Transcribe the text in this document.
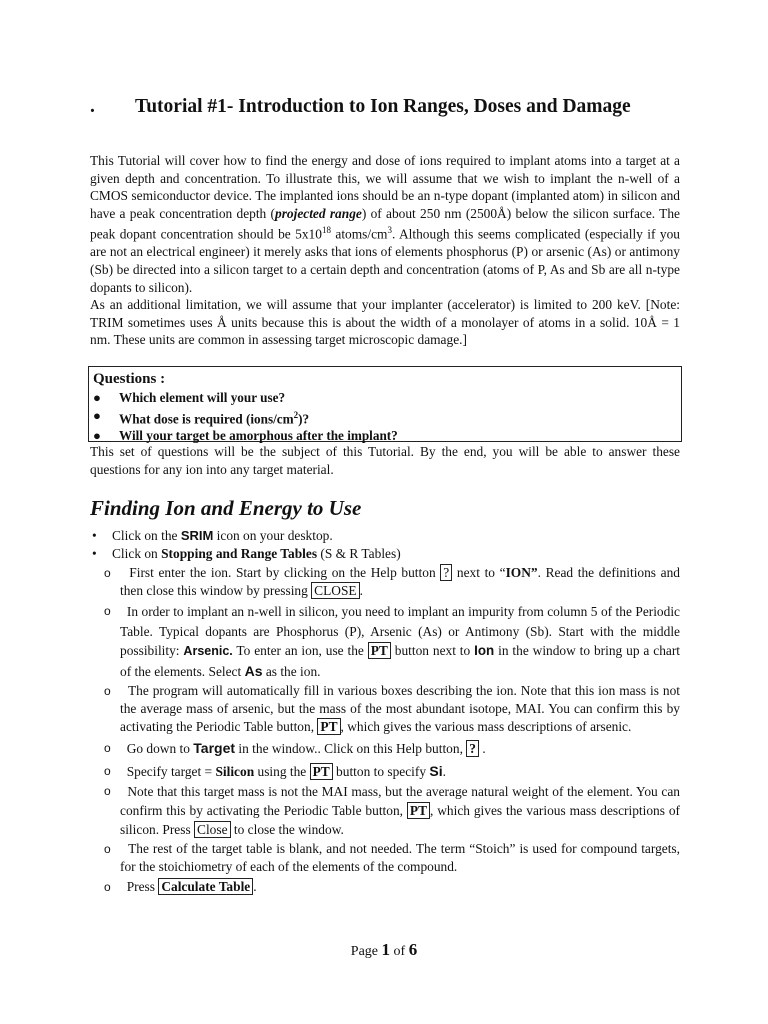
. Tutorial #1- Introduction to Ion Ranges, Doses and Damage
This Tutorial will cover how to find the energy and dose of ions required to implant atoms into a target at a given depth and concentration. To illustrate this, we will assume that we wish to implant the n-well of a CMOS semiconductor device. The implanted ions should be an n-type dopant (implanted atom) in silicon and have a peak concentration depth (projected range) of about 250 nm (2500Å) below the silicon surface. The peak dopant concentration should be $5x10^{18}$ atoms/$cm^3$. Although this seems complicated (especially if you are not an electrical engineer) it merely asks that ions of elements phosphorus (P) or arsenic (As) or antimony (Sb) be directed into a silicon target to a certain depth and concentration (atoms of P, As and Sb are all n-type dopants to silicon).
As an additional limitation, we will assume that your implanter (accelerator) is limited to 200 keV. [Note: TRIM sometimes uses Å units because this is about the width of a monolayer of atoms in a solid. 10Å = 1 nm. These units are common in assessing target microscopic damage.]
Questions :
● Which element will your use?
● What dose is required $(ions/cm^2)$?
● Will your target be amorphous after the implant?
This set of questions will be the subject of this Tutorial. By the end, you will be able to answer these questions for any ion into any target material.
Finding Ion and Energy to Use
• Click on the SRIM icon on your desktop.
• Click on Stopping and Range Tables (S & R Tables)
o First enter the ion. Start by clicking on the Help button ? next to “ION”. Read the definitions and then close this window by pressing CLOSE .
o In order to implant an n-well in silicon, you need to implant an impurity from column 5 of the Periodic Table. Typical dopants are Phosphorus (P), Arsenic (As) or Antimony (Sb). Start with the middle possibility: Arsenic. To enter an ion, use the PT button next to Ion in the window to bring up a chart of the elements. Select As as the ion.
o The program will automatically fill in various boxes describing the ion. Note that this ion mass is not the average mass of arsenic, but the mass of the most abundant isotope, MAI. You can confirm this by activating the Periodic Table button, PT , which gives the various mass descriptions of arsenic.
o Go down to Target in the window.. Click on this Help button, ? .
o Specify target = Silicon using the PT button to specify Si.
o Note that this target mass is not the MAI mass, but the average natural weight of the element. You can confirm this by activating the Periodic Table button, PT , which gives the various mass descriptions of silicon. Press Close to close the window.
o The rest of the target table is blank, and not needed. The term “Stoich” is used for compound targets, for the stoichiometry of each of the elements of the compound.
o Press Calculate Table .
Page 1 of 6
